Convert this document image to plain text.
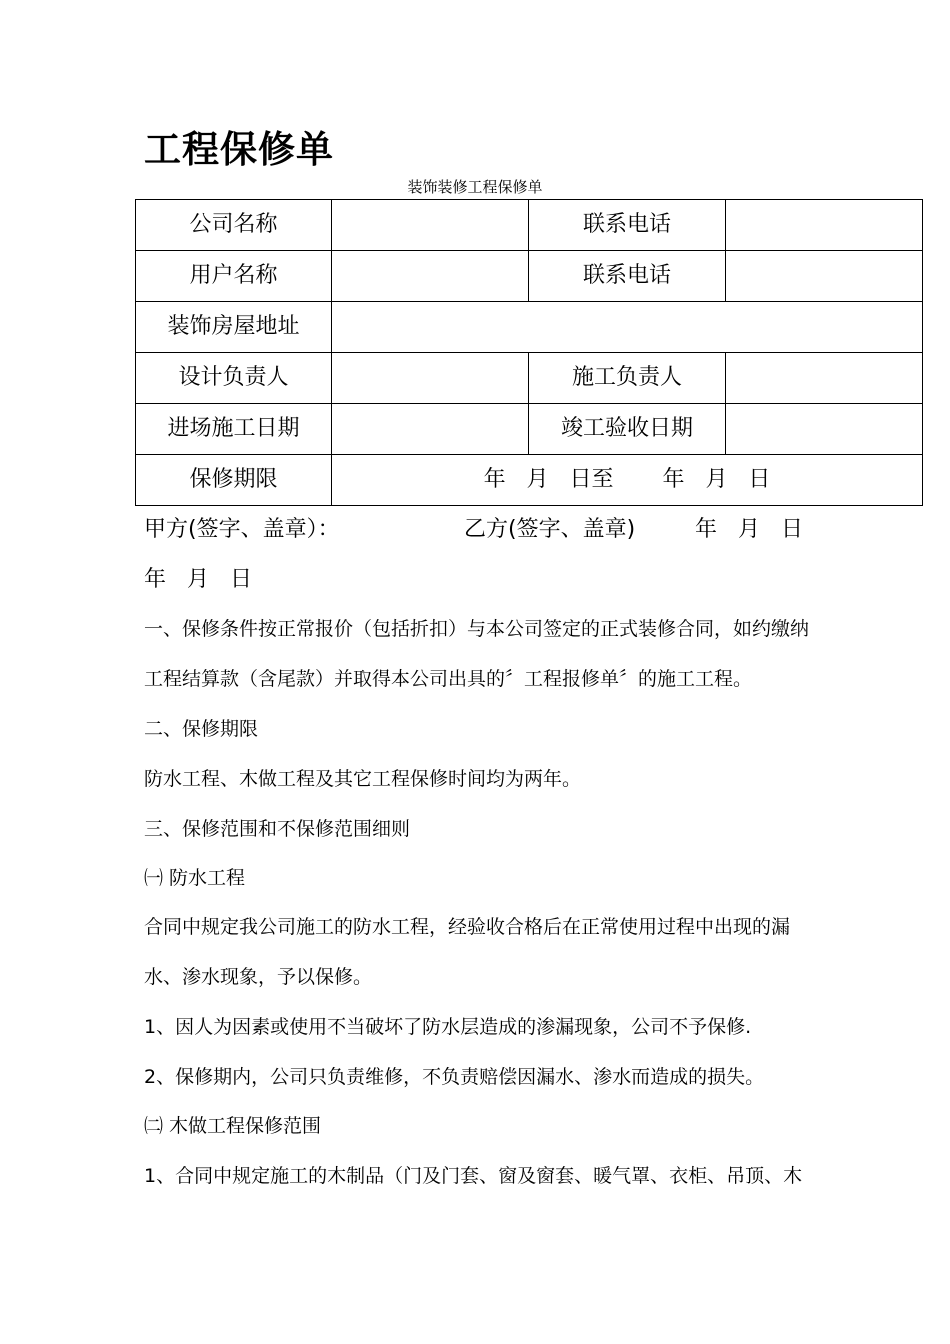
工程保修单
装饰装修工程保修单
公司名称		联系电话	
用户名称		联系电话	
装饰房屋地址			
设计负责人		施工负责人	
进场施工日期		竣工验收日期	
保修期限	年   月   日至       年   月   日		
甲方(签字、盖章）：	乙方(签字、盖章)	年   月   日
年   月   日
一、保修条件按正常报价（包括折扣）与本公司签定的正式装修合同，如约缴纳
工程结算款（含尾款）并取得本公司出具的〞工程报修单〞的施工工程。
二、保修期限
防水工程、木做工程及其它工程保修时间均为两年。
三、保修范围和不保修范围细则
㈠ 防水工程
合同中规定我公司施工的防水工程，经验收合格后在正常使用过程中出现的漏
水、渗水现象，予以保修。
1、因人为因素或使用不当破坏了防水层造成的渗漏现象，公司不予保修.
2、保修期内，公司只负责维修，不负责赔偿因漏水、渗水而造成的损失。
㈡ 木做工程保修范围
1、合同中规定施工的木制品（门及门套、窗及窗套、暖气罩、衣柜、吊顶、木
